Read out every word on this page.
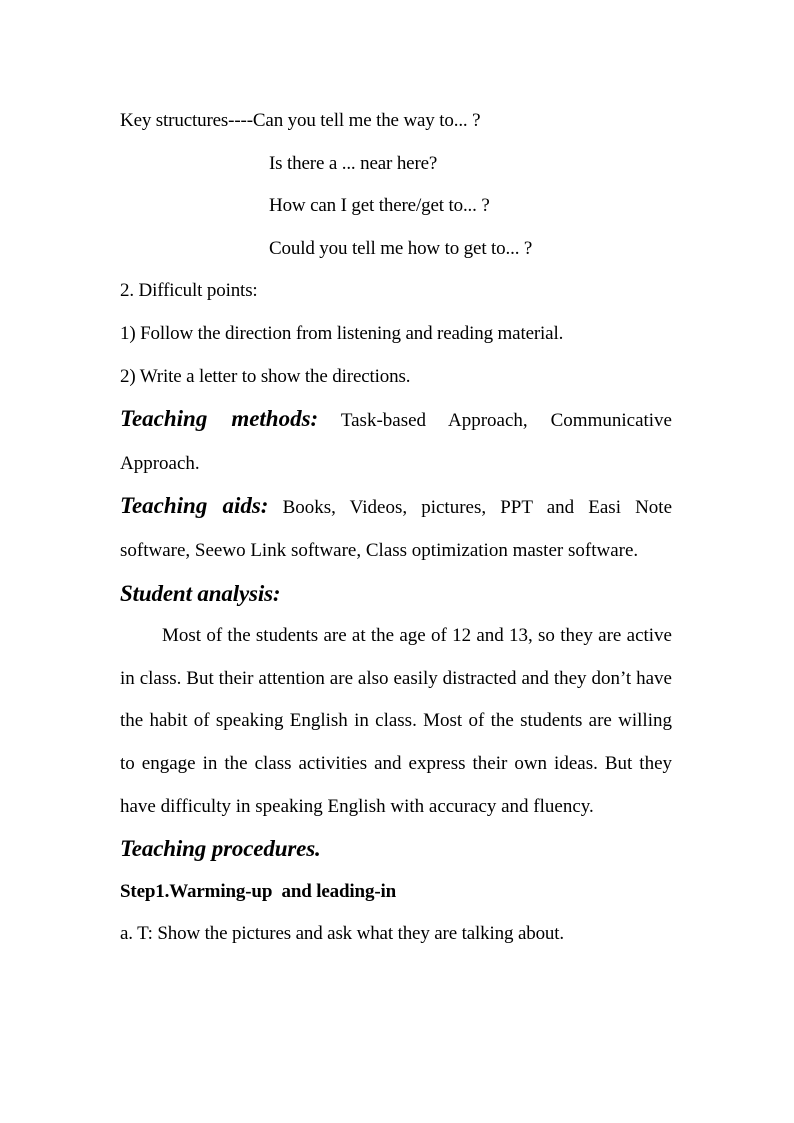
Key structures----Can you tell me the way to... ?
Is there a ... near here?
How can I get there/get to... ?
Could you tell me how to get to... ?
2. Difficult points:
1) Follow the direction from listening and reading material.
2) Write a letter to show the directions.
Teaching methods: Task-based Approach, Communicative Approach.
Teaching aids: Books, Videos, pictures, PPT and Easi Note software, Seewo Link software, Class optimization master software.
Student analysis:
Most of the students are at the age of 12 and 13, so they are active in class. But their attention are also easily distracted and they don’t have the habit of speaking English in class. Most of the students are willing to engage in the class activities and express their own ideas. But they have difficulty in speaking English with accuracy and fluency.
Teaching procedures.
Step1.Warming-up  and leading-in
a. T: Show the pictures and ask what they are talking about.
